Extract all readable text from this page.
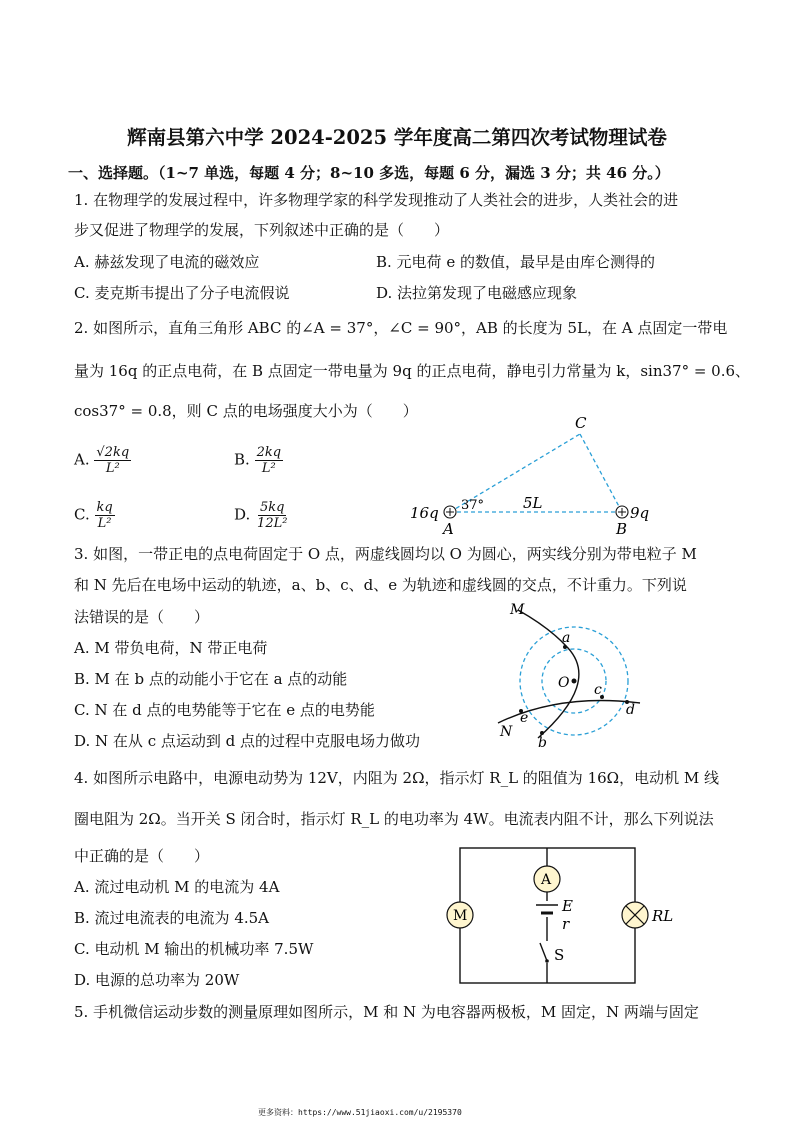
辉南县第六中学 2024-2025 学年度高二第四次考试物理试卷
一、选择题。（1~7 单选，每题 4 分；8~10 多选，每题 6 分，漏选 3 分；共 46 分。）
1. 在物理学的发展过程中，许多物理学家的科学发现推动了人类社会的进步，人类社会的进
步又促进了物理学的发展，下列叙述中正确的是（　　）
A. 赫兹发现了电流的磁效应	B. 元电荷 e 的数值，最早是由库仑测得的
C. 麦克斯韦提出了分子电流假说	D. 法拉第发现了电磁感应现象
2. 如图所示，直角三角形 ABC 的∠A = 37°，∠C = 90°，AB 的长度为 5L，在 A 点固定一带电
量为 16q 的正点电荷，在 B 点固定一带电量为 9q 的正点电荷，静电引力常量为 k，sin37° = 0.6、
cos37° = 0.8，则 C 点的电场强度大小为（　　）
A. $\frac{√2kq}{\text{L²}}$	B. $\frac{2kq}{\text{L²}}$
C. $\frac{kq}{\text{L²}}$	D. $\frac{5kq}{\text{12L²}}$
C
A	B
16q	9q
37°	5L
3. 如图，一带正电的点电荷固定于 O 点，两虚线圆均以 O 为圆心，两实线分别为带电粒子 M
和 N 先后在电场中运动的轨迹，a、b、c、d、e 为轨迹和虚线圆的交点，不计重力。下列说
法错误的是（　　）
A. M 带负电荷，N 带正电荷
B. M 在 b 点的动能小于它在 a 点的动能
C. N 在 d 点的电势能等于它在 e 点的电势能
D. N 在从 c 点运动到 d 点的过程中克服电场力做功
M
N
O
a
b
c
d
e
4. 如图所示电路中，电源电动势为 12V，内阻为 2Ω，指示灯 R_L 的阻值为 16Ω，电动机 M 线
圈电阻为 2Ω。当开关 S 闭合时，指示灯 R_L 的电功率为 4W。电流表内阻不计，那么下列说法
中正确的是（　　）
A. 流过电动机 M 的电流为 4A
B. 流过电流表的电流为 4.5A
C. 电动机 M 输出的机械功率 7.5W
D. 电源的总功率为 20W
M
A
E
r
S
RL
5. 手机微信运动步数的测量原理如图所示，M 和 N 为电容器两极板，M 固定，N 两端与固定
更多资料：https://www.51jiaoxi.com/u/2195370
